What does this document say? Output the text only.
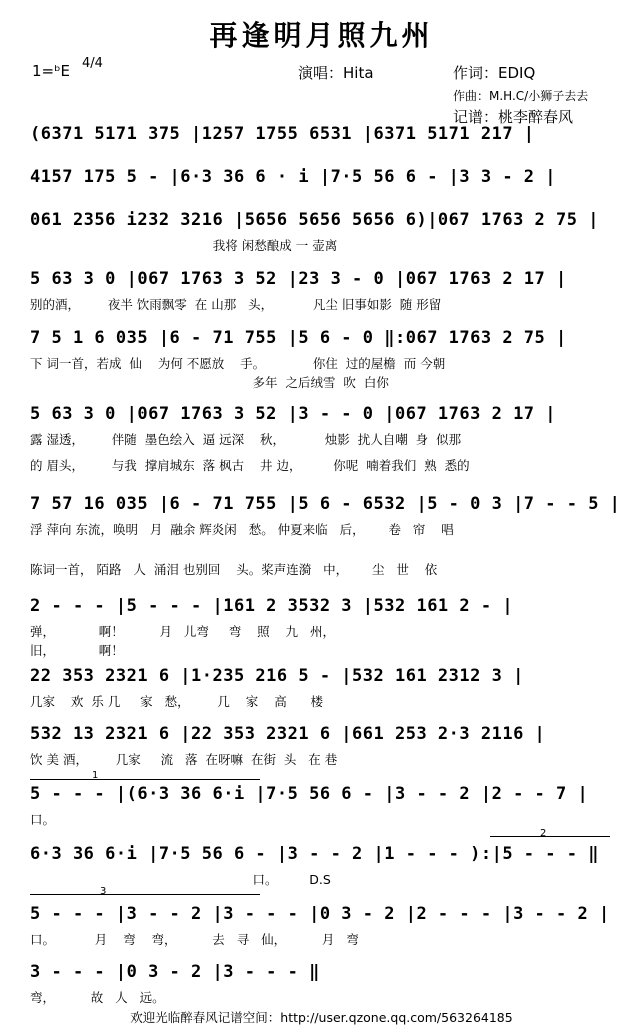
再逢明月照九州
1=ᵇE 4/4
演唱：Hita	作词：EDIQ
作曲：M.H.C/小狮子去去
记谱：桃李醉春风
(6371 5171 375 |1257 1755 6531 |6371 5171 217 |
4157 175 5 - |6·3 36 6 · i |7·5 56 6 - |3 3 - 2 |
061 2356 i232 3216 |5656 5656 5656 6)|067 1763 2 75 |
我将 闲愁酿成 一 壶离
5 63 3 0 |067 1763 3 52 |23 3 - 0 |067 1763 2 17 |
别的酒，       夜半 饮雨飘零  在 山那   头，          凡尘 旧事如影  随 形留
7 5 1 6 035 |6 - 71 755 |5 6 - 0 ‖:067 1763 2 75 |
下 词一首，若成  仙    为何 不愿放    手。            你住  过的屋檐  而 今朝
多年  之后绒雪  吹  白你
5 63 3 0 |067 1763 3 52 |3 - - 0 |067 1763 2 17 |
露 湿透，       伴随  墨色绘入  逼 远深    秋，          烛影  扰人自嘲  身  似那
的 眉头，       与我  撑肩城东  落 枫古    井 边，        你呢  喃着我们  熟  悉的
7 57 16 035 |6 - 71 755 |5 6 - 6532 |5 - 0 3 |7 - - 5 |
浮 萍向 东流，唤明   月  融余 辉炎闲   愁。 仲夏来临   后，      卷   帘    唱
陈词一首， 陌路   人  涌泪 也别回    头。桨声连漪   中，      尘   世    依
2 - - - |5 - - - |161 2 3532 3 |532 161 2 - |
弹，           啊！         月   儿弯     弯    照    九   州，
旧，           啊！
22 353 2321 6 |1·235 216 5 - |532 161 2312 3 |
几家    欢  乐 几     家   愁，       几    家    高      楼
532 13 2321 6 |22 353 2321 6 |661 253 2·3 2116 |
饮 美 酒，       几家     流   落  在呀嘛  在街  头   在 巷
5 - - - |(6·3 36 6·i |7·5 56 6 - |3 - - 2 |2 - - 7 |
口。
6·3 36 6·i |7·5 56 6 - |3 - - 2 |1 - - - ):|5 - - - ‖
口。        D.S
5 - - - |3 - - 2 |3 - - - |0 3 - 2 |2 - - - |3 - - 2 |
口。          月    弯    弯，         去   寻   仙，         月   弯
3 - - - |0 3 - 2 |3 - - - ‖
弯，         故   人   远。
1
2
3
欢迎光临醉春风记谱空间：http://user.qzone.qq.com/563264185
